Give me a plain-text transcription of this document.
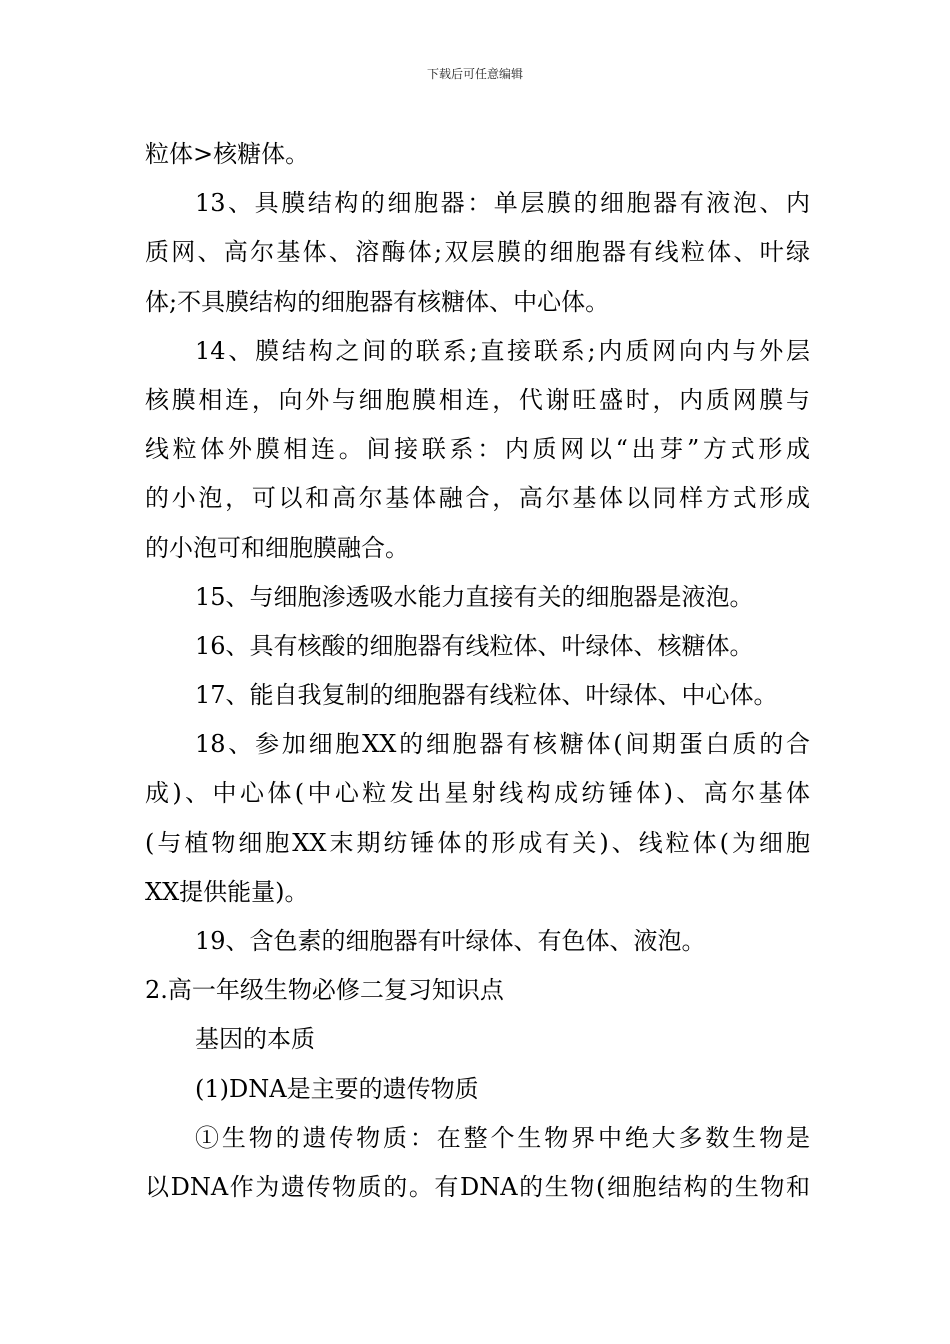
下载后可任意编辑
粒体>核糖体。
13、具膜结构的细胞器：单层膜的细胞器有液泡、内
质网、高尔基体、溶酶体;双层膜的细胞器有线粒体、叶绿
体;不具膜结构的细胞器有核糖体、中心体。
14、膜结构之间的联系;直接联系;内质网向内与外层
核膜相连，向外与细胞膜相连，代谢旺盛时，内质网膜与
线粒体外膜相连。间接联系：内质网以“出芽”方式形成
的小泡，可以和高尔基体融合，高尔基体以同样方式形成
的小泡可和细胞膜融合。
15、与细胞渗透吸水能力直接有关的细胞器是液泡。
16、具有核酸的细胞器有线粒体、叶绿体、核糖体。
17、能自我复制的细胞器有线粒体、叶绿体、中心体。
18、参加细胞XX的细胞器有核糖体(间期蛋白质的合
成)、中心体(中心粒发出星射线构成纺锤体)、高尔基体
(与植物细胞XX末期纺锤体的形成有关)、线粒体(为细胞
XX提供能量)。
19、含色素的细胞器有叶绿体、有色体、液泡。
2.高一年级生物必修二复习知识点
基因的本质
(1)DNA是主要的遗传物质
①生物的遗传物质：在整个生物界中绝大多数生物是
以DNA作为遗传物质的。有DNA的生物(细胞结构的生物和
